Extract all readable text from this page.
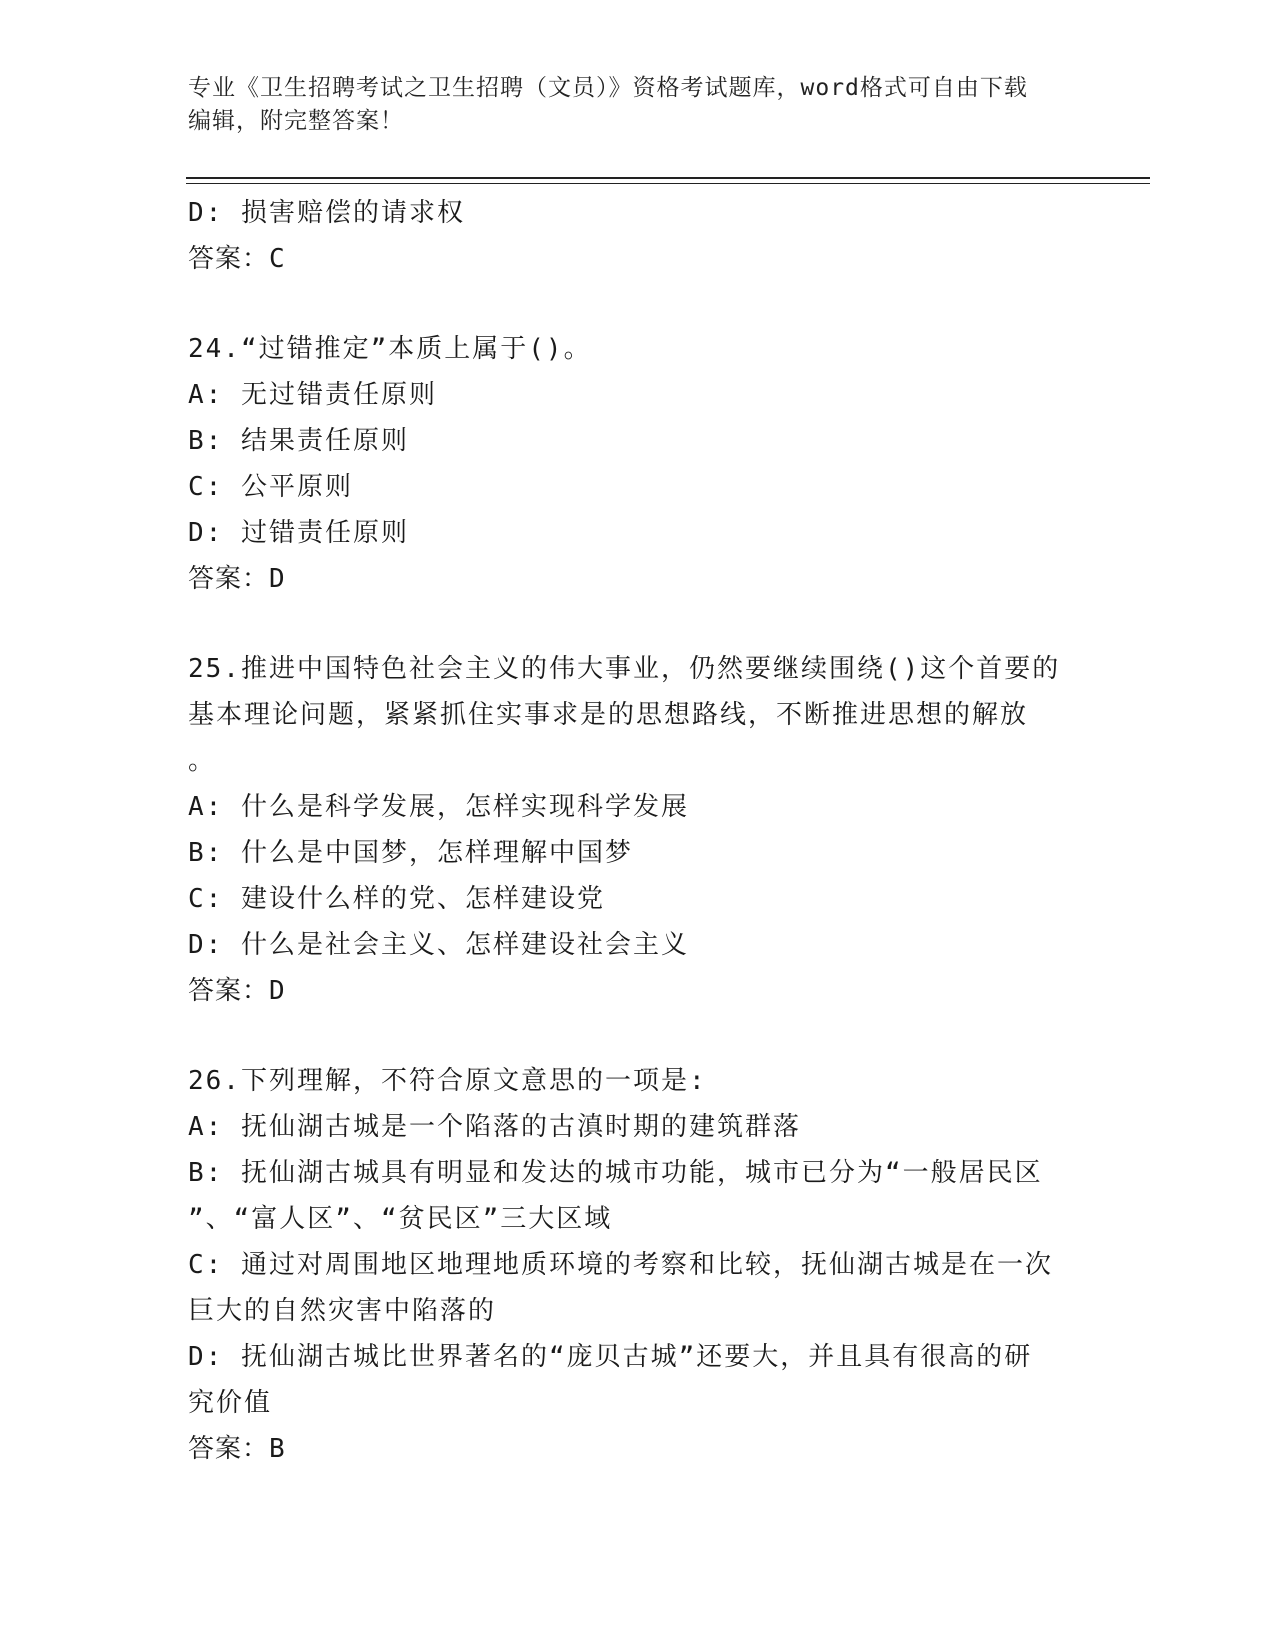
专业《卫生招聘考试之卫生招聘（文员）》资格考试题库，word格式可自由下载
编辑，附完整答案！
D: 损害赔偿的请求权
答案：C
24.“过错推定”本质上属于()。
A: 无过错责任原则
B: 结果责任原则
C: 公平原则
D: 过错责任原则
答案：D
25.推进中国特色社会主义的伟大事业，仍然要继续围绕()这个首要的
基本理论问题，紧紧抓住实事求是的思想路线，不断推进思想的解放
。
A: 什么是科学发展，怎样实现科学发展
B: 什么是中国梦，怎样理解中国梦
C: 建设什么样的党、怎样建设党
D: 什么是社会主义、怎样建设社会主义
答案：D
26.下列理解，不符合原文意思的一项是:
A: 抚仙湖古城是一个陷落的古滇时期的建筑群落
B: 抚仙湖古城具有明显和发达的城市功能，城市已分为“一般居民区
”、“富人区”、“贫民区”三大区域
C: 通过对周围地区地理地质环境的考察和比较，抚仙湖古城是在一次
巨大的自然灾害中陷落的
D: 抚仙湖古城比世界著名的“庞贝古城”还要大，并且具有很高的研
究价值
答案：B
